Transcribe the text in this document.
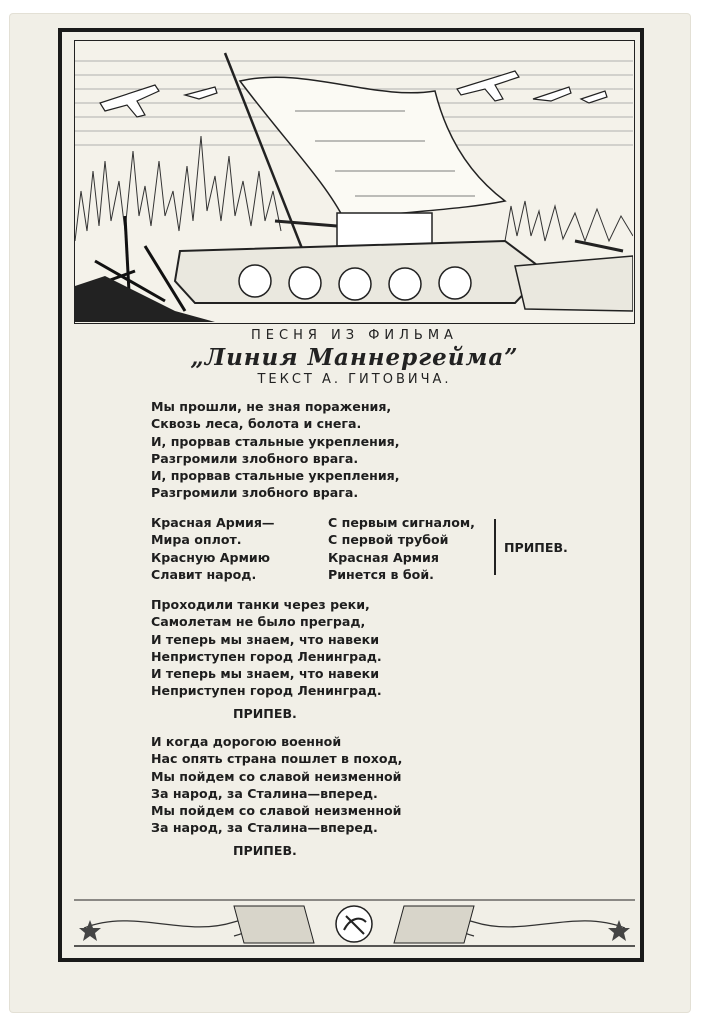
ПЕСНЯ ИЗ ФИЛЬМА
„Линия Маннергейма”
ТЕКСТ А. ГИТОВИЧА.
Мы прошли, не зная поражения,
Сквозь леса, болота и снега.
И, прорвав стальные укрепления,
Разгромили злобного врага.
И, прорвав стальные укрепления,
Разгромили злобного врага.
Красная Армия—
Мира оплот.
Красную Армию
Славит народ.
С первым сигналом,
С первой трубой
Красная Армия
Ринется в бой.
ПРИПЕВ.
Проходили танки через реки,
Самолетам не было преград,
И теперь мы знаем, что навеки
Неприступен город Ленинград.
И теперь мы знаем, что навеки
Неприступен город Ленинград.
ПРИПЕВ.
И когда дорогою военной
Нас опять страна пошлет в поход,
Мы пойдем со славой неизменной
За народ, за Сталина—вперед.
Мы пойдем со славой неизменной
За народ, за Сталина—вперед.
ПРИПЕВ.
